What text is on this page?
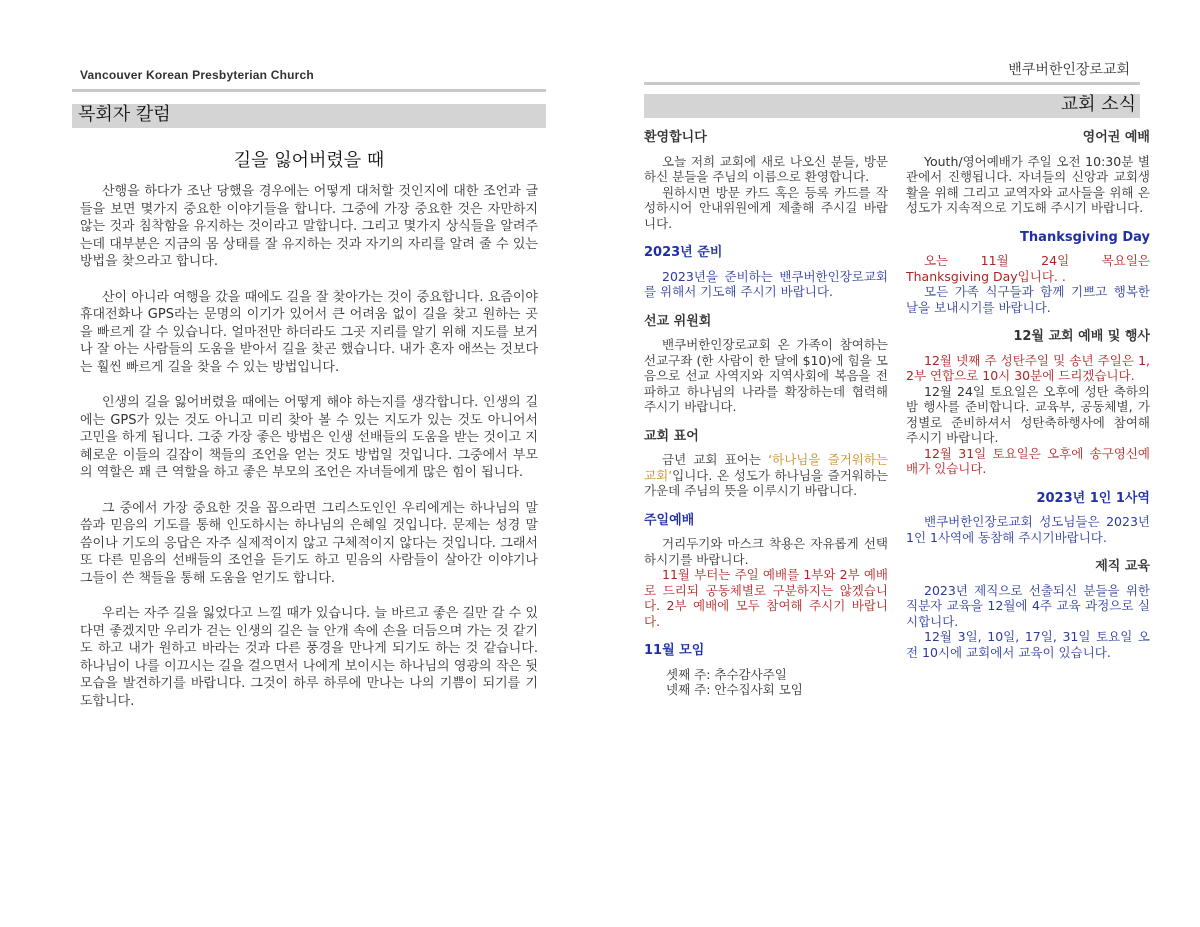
Vancouver Korean Presbyterian Church
목회자 칼럼
길을 잃어버렸을 때

산행을 하다가 조난 당했을 경우에는 어떻게 대처할 것인지에 대한 조언과 글들을 보면 몇가지 중요한 이야기들을 합니다. 그중에 가장 중요한 것은 자만하지 않는 것과 침착함을 유지하는 것이라고 말합니다. 그리고 몇가지 상식들을 알려주는데 대부분은 지금의 몸 상태를 잘 유지하는 것과 자기의 자리를 알려 줄 수 있는 방법을 찾으라고 합니다.

산이 아니라 여행을 갔을 때에도 길을 잘 찾아가는 것이 중요합니다. 요즘이야 휴대전화나 GPS라는 문명의 이기가 있어서 큰 어려움 없이 길을 찾고 원하는 곳을 빠르게 갈 수 있습니다. 얼마전만 하더라도 그곳 지리를 알기 위해 지도를 보거나 잘 아는 사람들의 도움을 받아서 길을 찾곤 했습니다. 내가 혼자 애쓰는 것보다는 훨씬 빠르게 길을 찾을 수 있는 방법입니다.

인생의 길을 잃어버렸을 때에는 어떻게 해야 하는지를 생각합니다. 인생의 길에는 GPS가 있는 것도 아니고 미리 찾아 볼 수 있는 지도가 있는 것도 아니어서 고민을 하게 됩니다. 그중 가장 좋은 방법은 인생 선배들의 도움을 받는 것이고 지혜로운 이들의 길잡이 책들의 조언을 얻는 것도 방법일 것입니다. 그중에서 부모의 역할은 꽤 큰 역할을 하고 좋은 부모의 조언은 자녀들에게 많은 힘이 됩니다.

그 중에서 가장 중요한 것을 꼽으라면 그리스도인인 우리에게는 하나님의 말씀과 믿음의 기도를 통해 인도하시는 하나님의 은혜일 것입니다. 문제는 성경 말씀이나 기도의 응답은 자주 실제적이지 않고 구체적이지 않다는 것입니다. 그래서 또 다른 믿음의 선배들의 조언을 듣기도 하고 믿음의 사람들이 살아간 이야기나 그들이 쓴 책들을 통해 도움을 얻기도 합니다.

우리는 자주 길을 잃었다고 느낄 때가 있습니다. 늘 바르고 좋은 길만 갈 수 있다면 좋겠지만 우리가 걷는 인생의 길은 늘 안개 속에 손을 더듬으며 가는 것 같기도 하고 내가 원하고 바라는 것과 다른 풍경을 만나게 되기도 하는 것 같습니다. 하나님이 나를 이끄시는 길을 걸으면서 나에게 보이시는 하나님의 영광의 작은 뒷모습을 발견하기를 바랍니다. 그것이 하루 하루에 만나는 나의 기쁨이 되기를 기도합니다.

밴쿠버한인장로교회
교회 소식
환영합니다

오늘 저희 교회에 새로 나오신 분들, 방문하신 분들을 주님의 이름으로 환영합니다.

원하시면 방문 카드 혹은 등록 카드를 작성하시어 안내위원에게 제출해 주시길 바랍니다.

2023년 준비

2023년을 준비하는 밴쿠버한인장로교회를 위해서 기도해 주시기 바랍니다.

선교 위원회

밴쿠버한인장로교회 온 가족이 참여하는 선교구좌 (한 사람이 한 달에 $10)에 힘을 모음으로 선교 사역지와 지역사회에 복음을 전파하고 하나님의 나라를 확장하는데 협력해 주시기 바랍니다.

교회 표어

금년 교회 표어는 ‘하나님을 즐거워하는 교회’입니다. 온 성도가 하나님을 즐거워하는 가운데 주님의 뜻을 이루시기 바랍니다.

주일예배

거리두기와 마스크 착용은 자유롭게 선택하시기를 바랍니다.

11월 부터는 주일 예배를 1부와 2부 예배로 드리되 공동체별로 구분하지는 않겠습니다. 2부 예배에 모두 참여해 주시기 바랍니다.

11월 모임
셋째 주: 추수감사주일
넷째 주: 안수집사회 모임
영어권 예배

Youth/영어예배가 주일 오전 10:30분 별관에서 진행됩니다. 자녀들의 신앙과 교회생활을 위해 그리고 교역자와 교사들을 위해 온 성도가 지속적으로 기도해 주시기 바랍니다.

Thanksgiving Day

오는 11월 24일 목요일은 Thanksgiving Day입니다. .

모든 가족 식구들과 함께 기쁘고 행복한 날을 보내시기를 바랍니다.

12월 교회 예배 및 행사

12월 넷째 주 성탄주일 및 송년 주일은 1, 2부 연합으로 10시 30분에 드리겠습니다.

12월 24일 토요일은 오후에 성탄 축하의 밤 행사를 준비합니다. 교육부, 공동체별, 가정별로 준비하셔서 성탄축하행사에 참여해 주시기 바랍니다.

12월 31일 토요일은 오후에 송구영신예배가 있습니다.

2023년 1인 1사역

밴쿠버한인장로교회 성도님들은 2023년 1인 1사역에 동참해 주시기바랍니다.

제직 교육

2023년 제직으로 선출되신 분들을 위한 직분자 교육을 12월에 4주 교육 과정으로 실시합니다.

12월 3일, 10일, 17일, 31일 토요일 오전 10시에 교회에서 교육이 있습니다.
